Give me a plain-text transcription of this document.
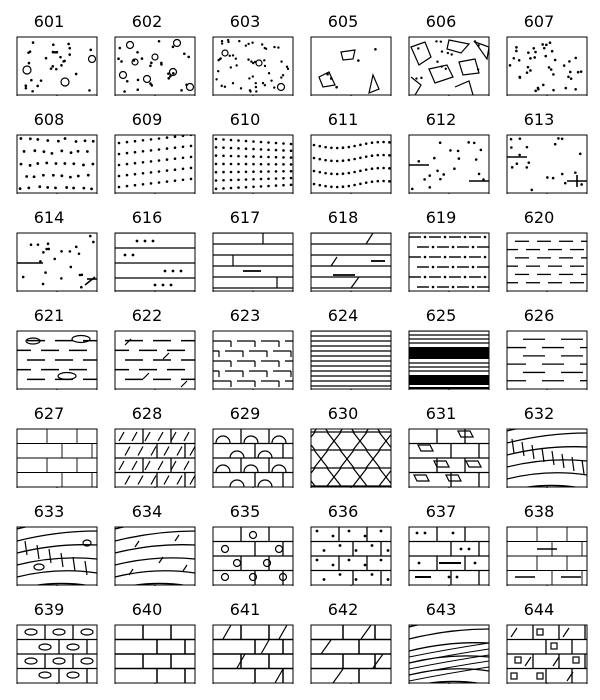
601	602	603	605	606	607
608	609	610	611	612	613
614	616	617	618	619	620
621	622	623	624	625	626
627	628	629	630	631	632
633	634	635	636	637	638
639	640	641	642	643	644
